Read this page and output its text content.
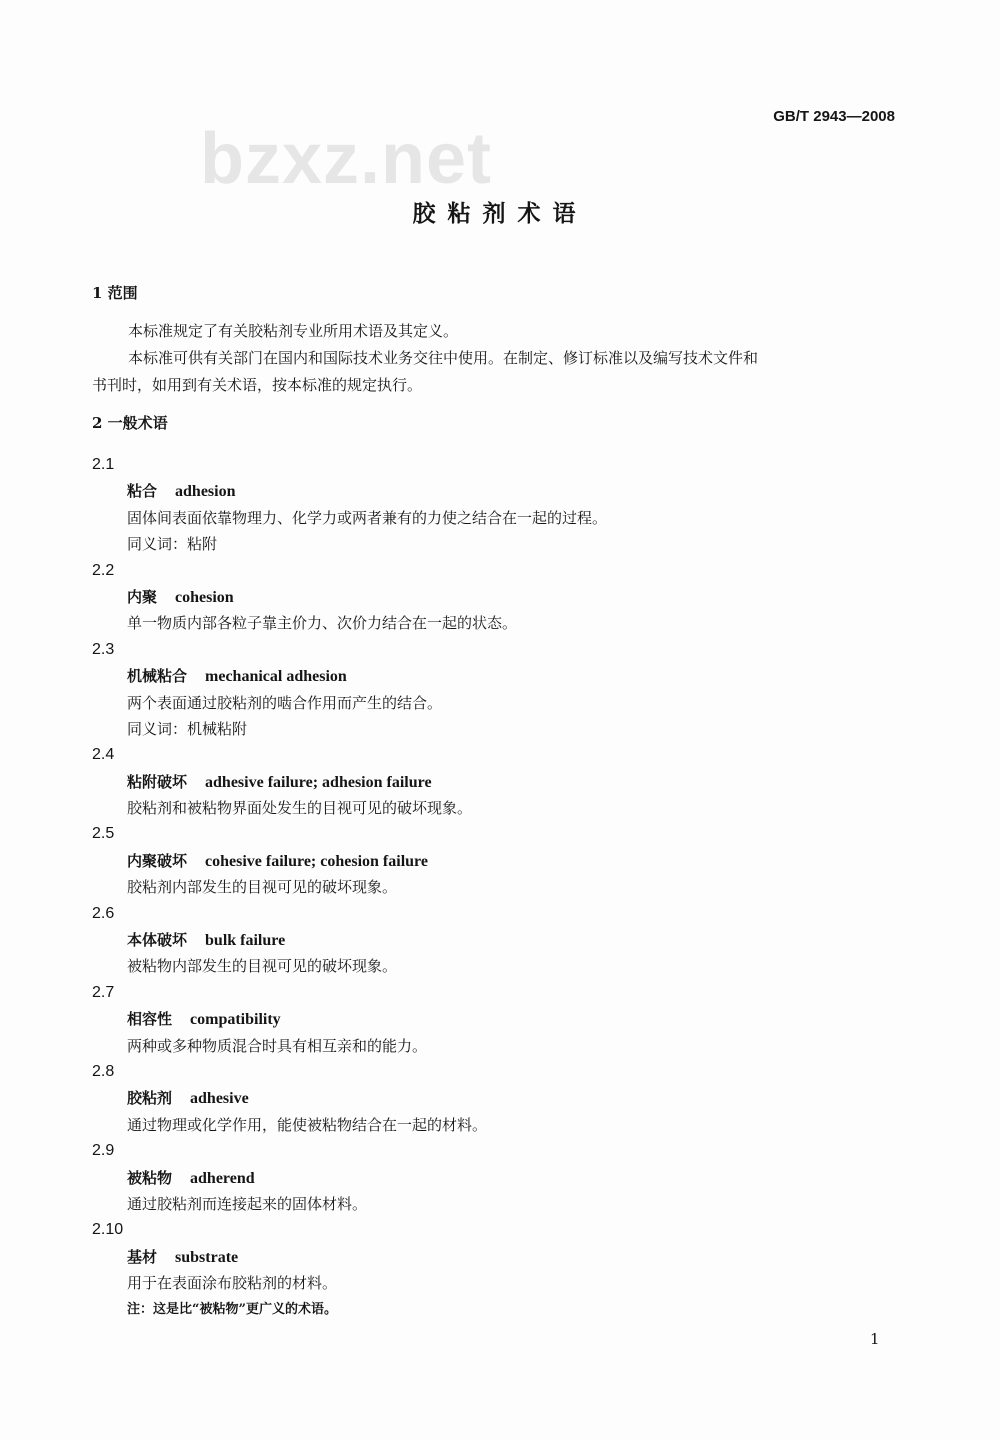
GB/T 2943—2008
bzxz.net
胶粘剂术语
1 范围
本标准规定了有关胶粘剂专业所用术语及其定义。
本标准可供有关部门在国内和国际技术业务交往中使用。在制定、修订标准以及编写技术文件和
书刊时，如用到有关术语，按本标准的规定执行。
2 一般术语
2.1
粘合 adhesion
固体间表面依靠物理力、化学力或两者兼有的力使之结合在一起的过程。
同义词：粘附
2.2
内聚 cohesion
单一物质内部各粒子靠主价力、次价力结合在一起的状态。
2.3
机械粘合 mechanical adhesion
两个表面通过胶粘剂的啮合作用而产生的结合。
同义词：机械粘附
2.4
粘附破坏 adhesive failure; adhesion failure
胶粘剂和被粘物界面处发生的目视可见的破坏现象。
2.5
内聚破坏 cohesive failure; cohesion failure
胶粘剂内部发生的目视可见的破坏现象。
2.6
本体破坏 bulk failure
被粘物内部发生的目视可见的破坏现象。
2.7
相容性 compatibility
两种或多种物质混合时具有相互亲和的能力。
2.8
胶粘剂 adhesive
通过物理或化学作用，能使被粘物结合在一起的材料。
2.9
被粘物 adherend
通过胶粘剂而连接起来的固体材料。
2.10
基材 substrate
用于在表面涂布胶粘剂的材料。
注：这是比“被粘物”更广义的术语。
1
